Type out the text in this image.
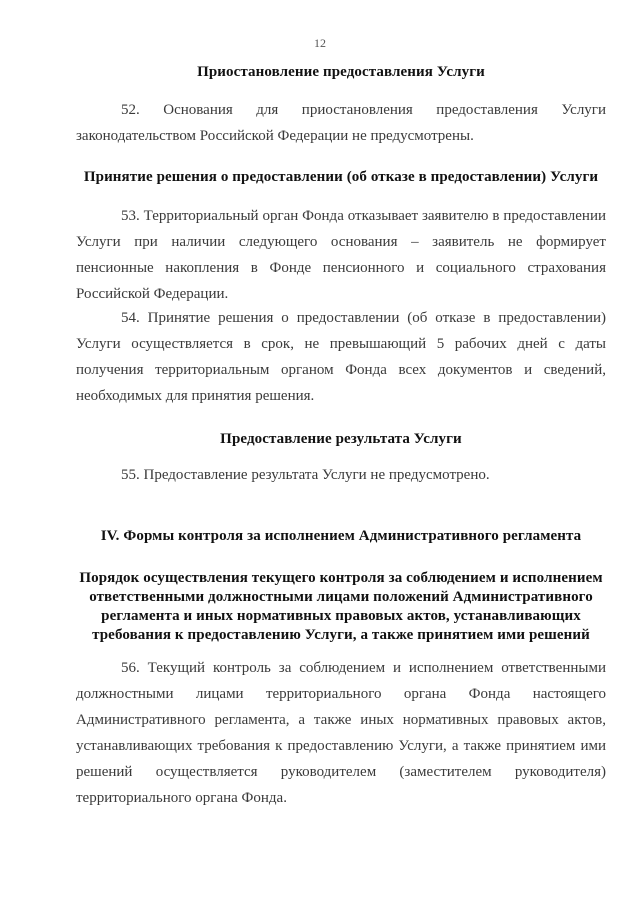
12
Приостановление предоставления Услуги
52. Основания для приостановления предоставления Услуги законодательством Российской Федерации не предусмотрены.
Принятие решения о предоставлении (об отказе в предоставлении) Услуги
53. Территориальный орган Фонда отказывает заявителю в предоставлении Услуги при наличии следующего основания – заявитель не формирует пенсионные накопления в Фонде пенсионного и социального страхования Российской Федерации.
54. Принятие решения о предоставлении (об отказе в предоставлении) Услуги осуществляется в срок, не превышающий 5 рабочих дней с даты получения территориальным органом Фонда всех документов и сведений, необходимых для принятия решения.
Предоставление результата Услуги
55. Предоставление результата Услуги не предусмотрено.
IV. Формы контроля за исполнением Административного регламента
Порядок осуществления текущего контроля за соблюдением и исполнением ответственными должностными лицами положений Административного регламента и иных нормативных правовых актов, устанавливающих требования к предоставлению Услуги, а также принятием ими решений
56. Текущий контроль за соблюдением и исполнением ответственными должностными лицами территориального органа Фонда настоящего Административного регламента, а также иных нормативных правовых актов, устанавливающих требования к предоставлению Услуги, а также принятием ими решений осуществляется руководителем (заместителем руководителя) территориального органа Фонда.
